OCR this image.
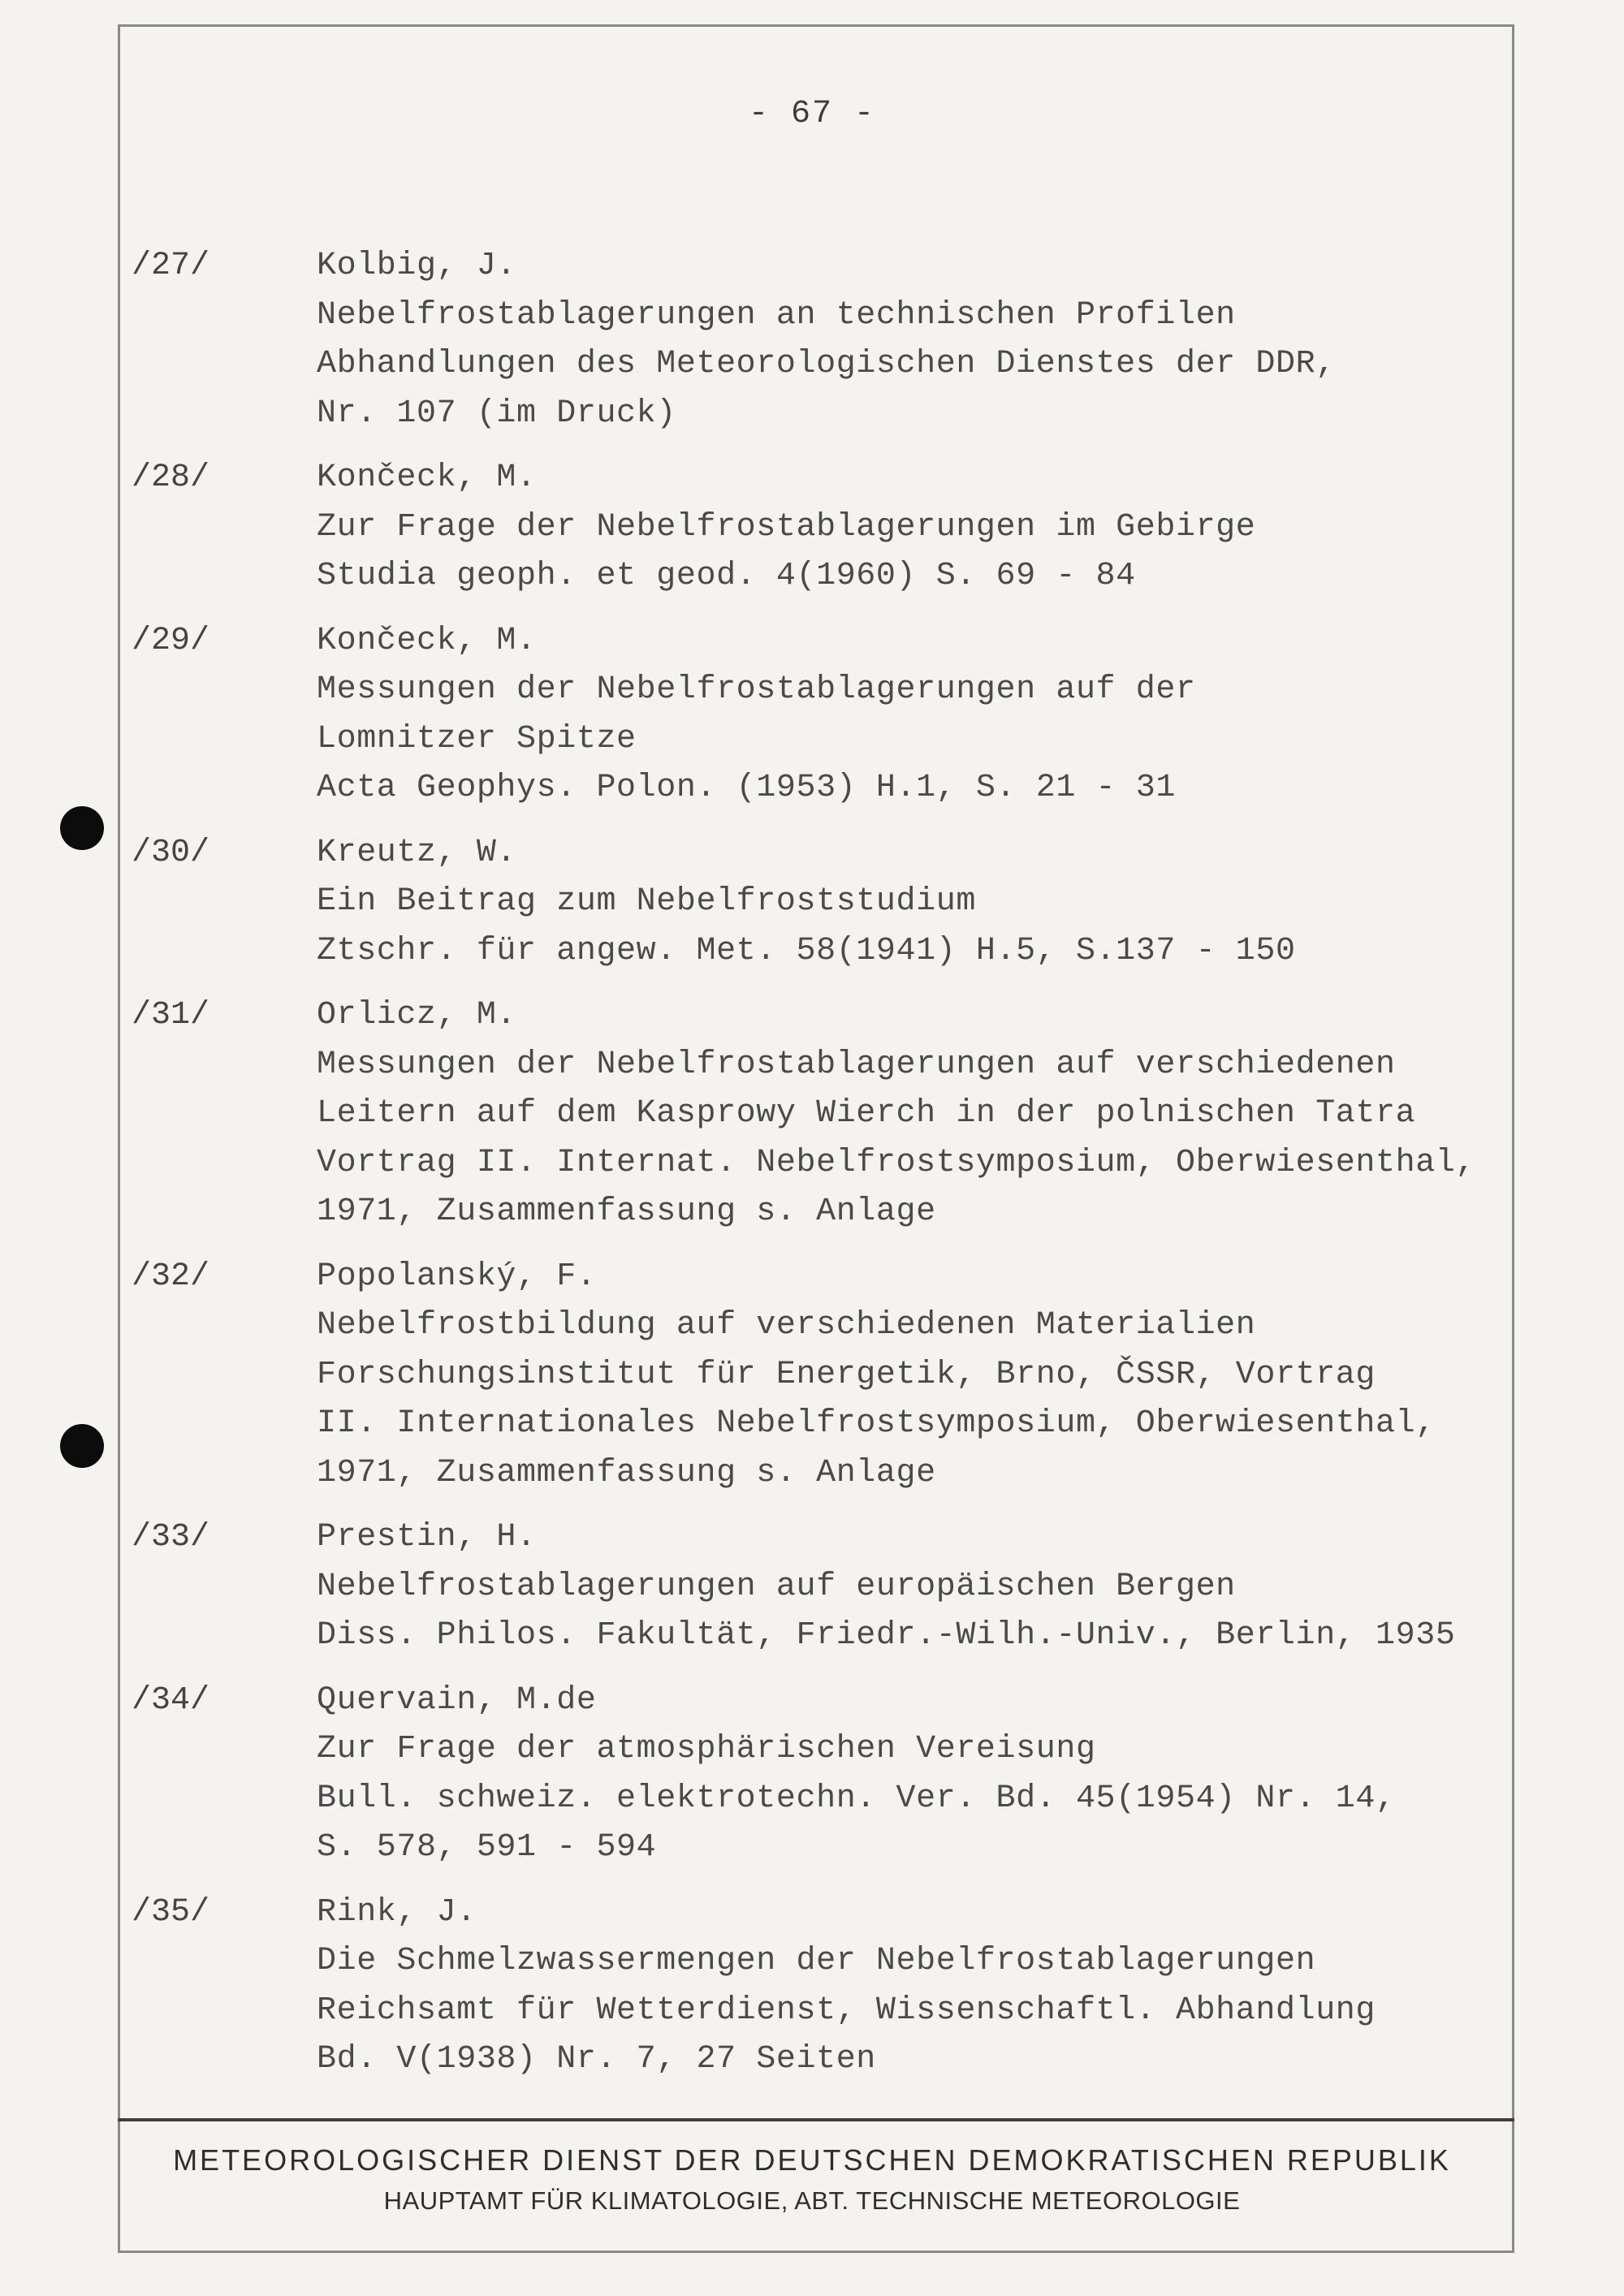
- 67 -
/27/	Kolbig, J.
Nebelfrostablagerungen an technischen Profilen
Abhandlungen des Meteorologischen Dienstes der DDR,
Nr. 107 (im Druck)
/28/	Končeck, M.
Zur Frage der Nebelfrostablagerungen im Gebirge
Studia geoph. et geod. 4(1960) S. 69 - 84
/29/	Končeck, M.
Messungen der Nebelfrostablagerungen auf der
Lomnitzer Spitze
Acta Geophys. Polon. (1953) H.1, S. 21 - 31
/30/	Kreutz, W.
Ein Beitrag zum Nebelfroststudium
Ztschr. für angew. Met. 58(1941) H.5, S.137 - 150
/31/	Orlicz, M.
Messungen der Nebelfrostablagerungen auf verschiedenen
Leitern auf dem Kasprowy Wierch in der polnischen Tatra
Vortrag II. Internat. Nebelfrostsymposium, Oberwiesenthal,
1971, Zusammenfassung s. Anlage
/32/	Popolanský, F.
Nebelfrostbildung auf verschiedenen Materialien
Forschungsinstitut für Energetik, Brno, ČSSR, Vortrag
II. Internationales Nebelfrostsymposium, Oberwiesenthal,
1971, Zusammenfassung s. Anlage
/33/	Prestin, H.
Nebelfrostablagerungen auf europäischen Bergen
Diss. Philos. Fakultät, Friedr.-Wilh.-Univ., Berlin, 1935
/34/	Quervain, M.de
Zur Frage der atmosphärischen Vereisung
Bull. schweiz. elektrotechn. Ver. Bd. 45(1954) Nr. 14,
S. 578, 591 - 594
/35/	Rink, J.
Die Schmelzwassermengen der Nebelfrostablagerungen
Reichsamt für Wetterdienst, Wissenschaftl. Abhandlung
Bd. V(1938) Nr. 7, 27 Seiten
METEOROLOGISCHER DIENST DER DEUTSCHEN DEMOKRATISCHEN REPUBLIK
HAUPTAMT FÜR KLIMATOLOGIE, ABT. TECHNISCHE METEOROLOGIE
